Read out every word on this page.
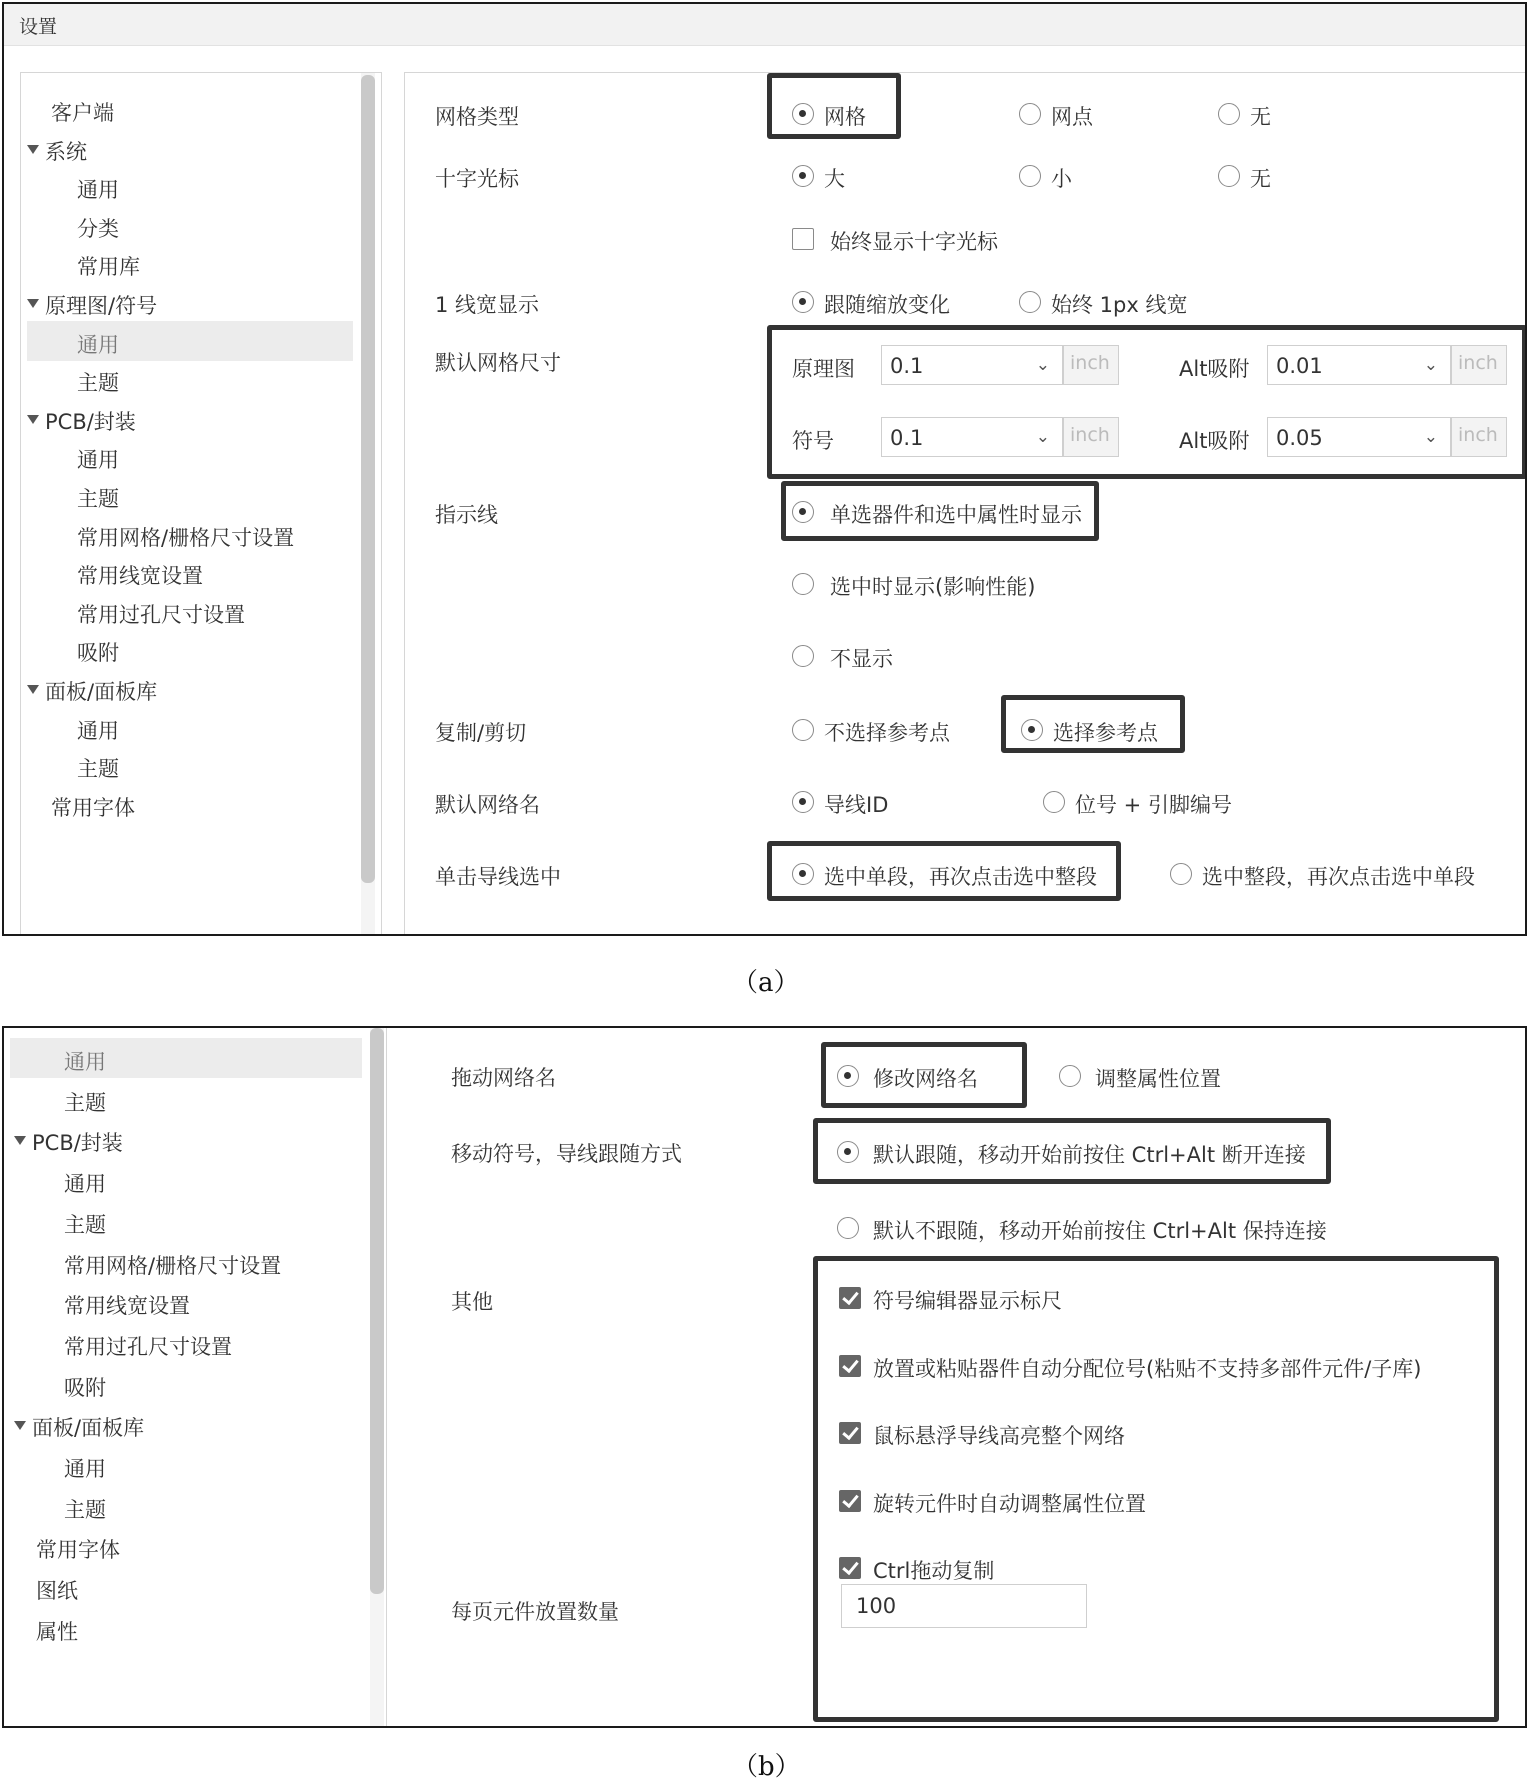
设置
客户端
系统
通用
分类
常用库
原理图/符号
通用
主题
PCB/封装
通用
主题
常用网格/栅格尺寸设置
常用线宽设置
常用过孔尺寸设置
吸附
面板/面板库
通用
主题
常用字体
网格类型	网格	网点	无
十字光标	大	小	无
始终显示十字光标
1 线宽显示	跟随缩放变化	始终 1px 线宽
默认网格尺寸	原理图 0.1	⌄ inch	Alt吸附 0.01	⌄ inch
符号	0.1	⌄ inch	Alt吸附 0.05	⌄ inch
指示线	单选器件和选中属性时显示
选中时显示(影响性能)
不显示
复制/剪切	不选择参考点	选择参考点
默认网络名	导线ID	位号 + 引脚编号
单击导线选中	选中单段，再次点击选中整段	选中整段，再次点击选中单段
（a）
通用
主题
PCB/封装
通用
主题
常用网格/栅格尺寸设置
常用线宽设置
常用过孔尺寸设置
吸附
面板/面板库
通用
主题
常用字体
图纸
属性
拖动网络名	修改网络名	调整属性位置
移动符号，导线跟随方式	默认跟随，移动开始前按住 Ctrl+Alt 断开连接
默认不跟随，移动开始前按住 Ctrl+Alt 保持连接
其他	符号编辑器显示标尺
放置或粘贴器件自动分配位号(粘贴不支持多部件元件/子库)
鼠标悬浮导线高亮整个网络
旋转元件时自动调整属性位置
Ctrl拖动复制
每页元件放置数量	100
（b）
